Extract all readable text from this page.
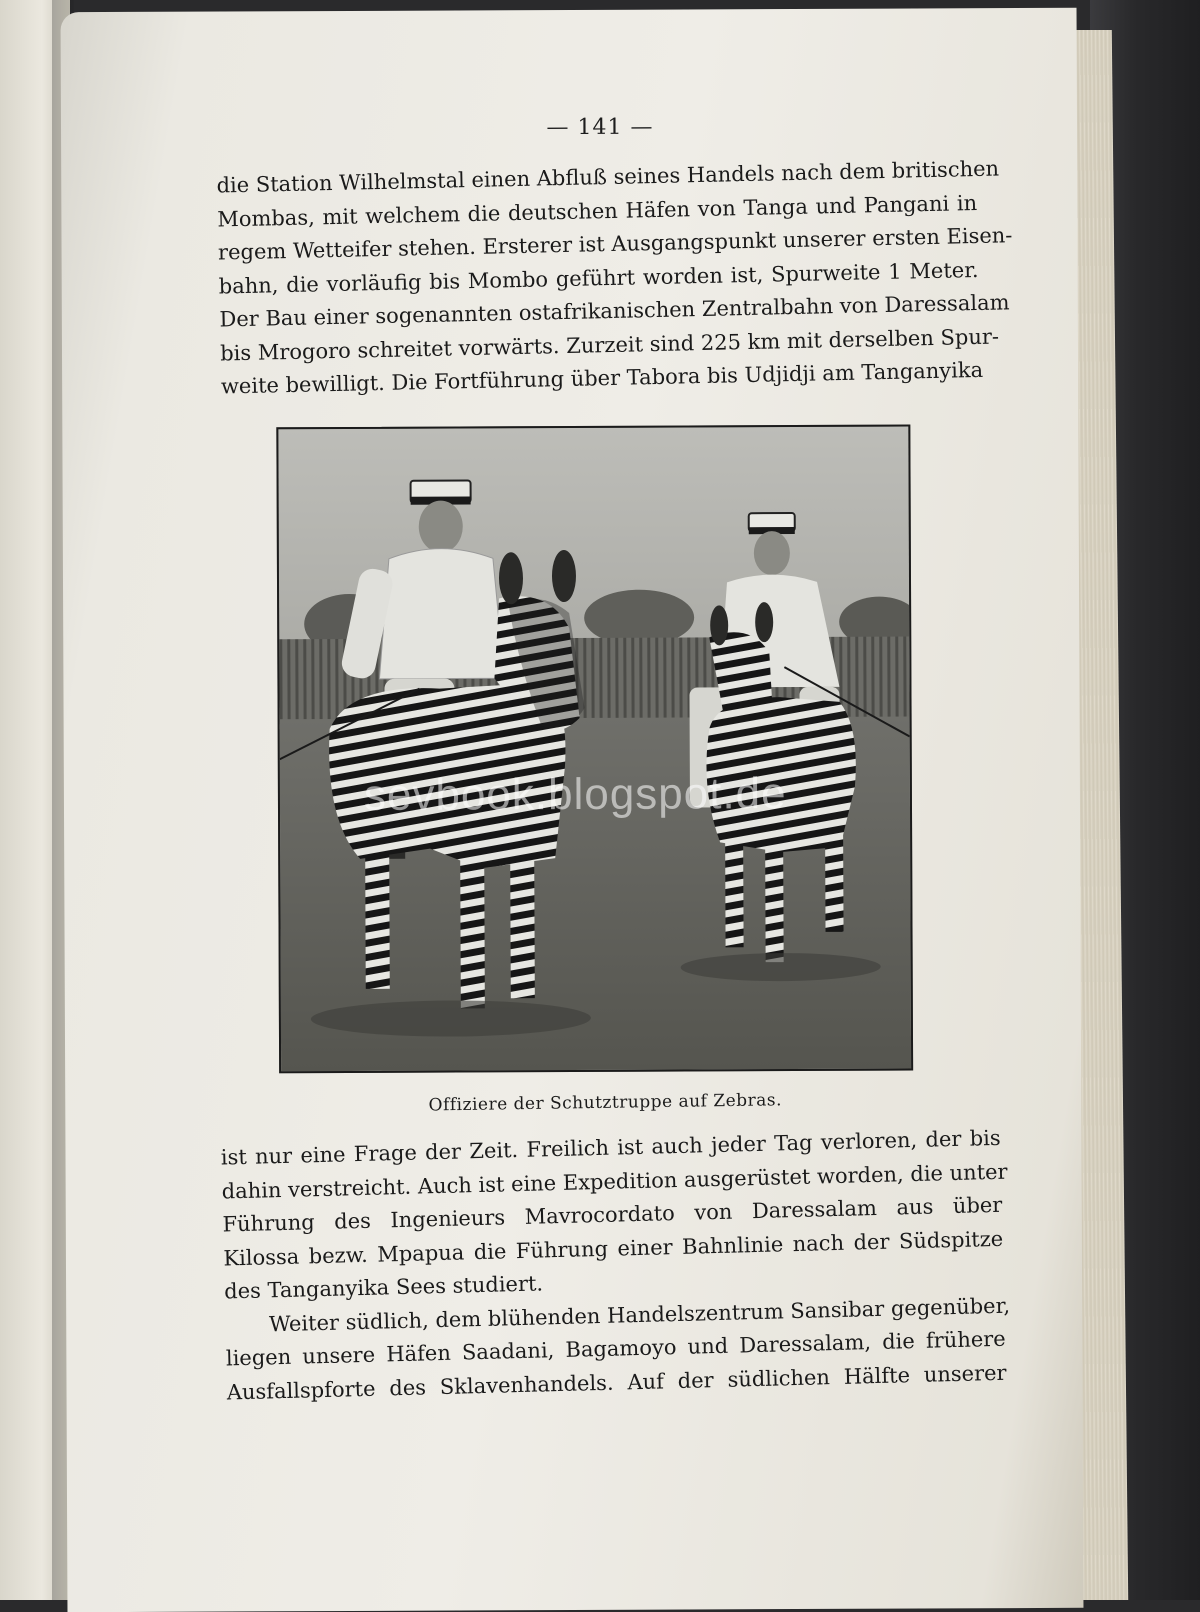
— 141 —
die Station Wilhelmstal einen Abfluß seines Handels nach dem britischen
Mombas, mit welchem die deutschen Häfen von Tanga und Pangani in
regem Wetteifer stehen. Ersterer ist Ausgangspunkt unserer ersten Eisen-
bahn, die vorläufig bis Mombo geführt worden ist, Spurweite 1 Meter.
Der Bau einer sogenannten ostafrikanischen Zentralbahn von Daressalam
bis Mrogoro schreitet vorwärts. Zurzeit sind 225 km mit derselben Spur-
weite bewilligt. Die Fortführung über Tabora bis Udjidji am Tanganyika
sevbook.blogspot.de
Offiziere der Schutztruppe auf Zebras.
ist nur eine Frage der Zeit. Freilich ist auch jeder Tag verloren, der bis
dahin verstreicht. Auch ist eine Expedition ausgerüstet worden, die unter
Führung des Ingenieurs Mavrocordato von Daressalam aus über
Kilossa bezw. Mpapua die Führung einer Bahnlinie nach der Südspitze
des Tanganyika Sees studiert.
Weiter südlich, dem blühenden Handelszentrum Sansibar gegenüber,
liegen unsere Häfen Saadani, Bagamoyo und Daressalam, die frühere
Ausfallspforte des Sklavenhandels. Auf der südlichen Hälfte unserer
